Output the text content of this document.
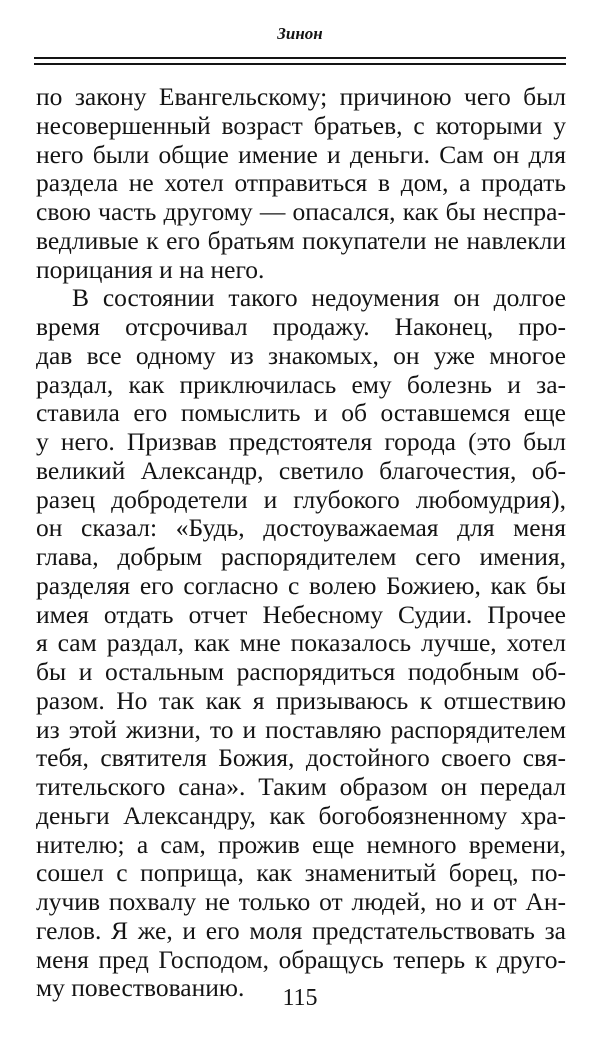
Зинон
по закону Евангельскому; причиною чего был
несовершенный возраст братьев, с которыми у
него были общие имение и деньги. Сам он для
раздела не хотел отправиться в дом, а продать
свою часть другому — опасался, как бы неспра-
ведливые к его братьям покупатели не навлекли
порицания и на него.
В состоянии такого недоумения он долгое
время отсрочивал продажу. Наконец, про-
дав все одному из знакомых, он уже многое
раздал, как приключилась ему болезнь и за-
ставила его помыслить и об оставшемся еще
у него. Призвав предстоятеля города (это был
великий Александр, светило благочестия, об-
разец добродетели и глубокого любомудрия),
он сказал: «Будь, достоуважаемая для меня
глава, добрым распорядителем сего имения,
разделяя его согласно с волею Божиею, как бы
имея отдать отчет Небесному Судии. Прочее
я сам раздал, как мне показалось лучше, хотел
бы и остальным распорядиться подобным об-
разом. Но так как я призываюсь к отшествию
из этой жизни, то и поставляю распорядителем
тебя, святителя Божия, достойного своего свя-
тительского сана». Таким образом он передал
деньги Александру, как богобоязненному хра-
нителю; а сам, прожив еще немного времени,
сошел с поприща, как знаменитый борец, по-
лучив похвалу не только от людей, но и от Ан-
гелов. Я же, и его моля предстательствовать за
меня пред Господом, обращусь теперь к друго-
му повествованию.	115
